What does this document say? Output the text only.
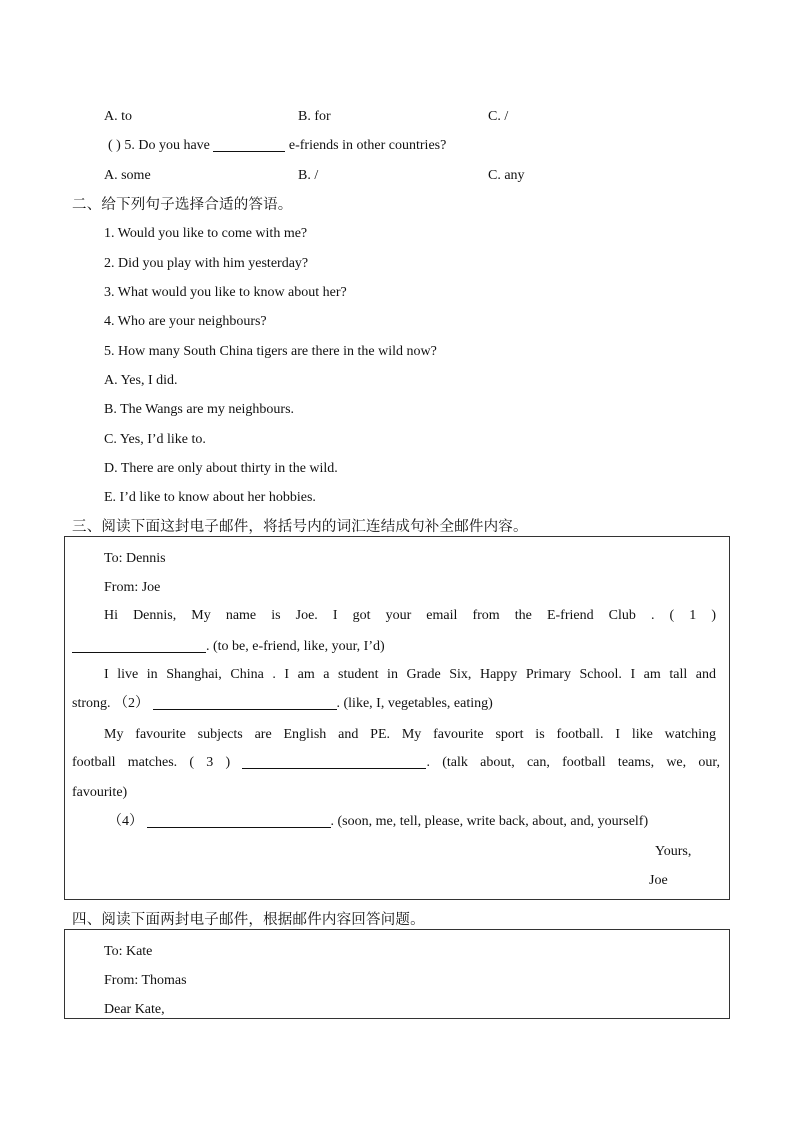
A. to	B. for	C. /
( ) 5. Do you have	e-friends in other countries?
A. some	B. /	C. any
二、给下列句子选择合适的答语。
1. Would you like to come with me?
2. Did you play with him yesterday?
3. What would you like to know about her?
4. Who are your neighbours?
5. How many South China tigers are there in the wild now?
A. Yes, I did.
B. The Wangs are my neighbours.
C. Yes, I’d like to.
D. There are only about thirty in the wild.
E. I’d like to know about her hobbies.
三、阅读下面这封电子邮件，将括号内的词汇连结成句补全邮件内容。
To: Dennis
From: Joe
Hi Dennis, My name is Joe. I got your email from the E-friend Club . ( 1 )
. (to be, e-friend, like, your, I’d)
I live in Shanghai, China . I am a student in Grade Six, Happy Primary School. I am tall and
strong. （2）	. (like, I, vegetables, eating)
My favourite subjects are English and PE. My favourite sport is football. I like watching
football matches. ( 3 )	. (talk about, can, football teams, we, our,
favourite)
（4）	. (soon, me, tell, please, write back, about, and, yourself)
Yours,
Joe
四、阅读下面两封电子邮件，根据邮件内容回答问题。
To: Kate
From: Thomas
Dear Kate,
